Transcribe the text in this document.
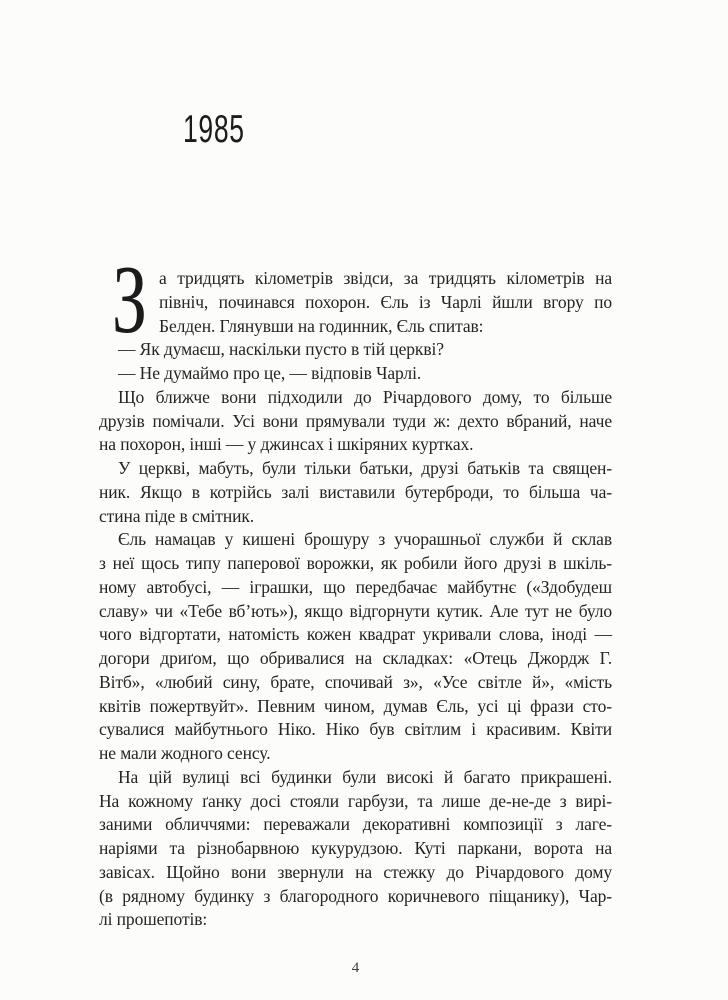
1985
З а тридцять кілометрів звідси, за тридцять кілометрів на
північ, починався похорон. Єль із Чарлі йшли вгору по
Белден. Глянувши на годинник, Єль спитав:
— Як думаєш, наскільки пусто в тій церкві?
— Не думаймо про це, — відповів Чарлі.
Що ближче вони підходили до Річардового дому, то більше
друзів помічали. Усі вони прямували туди ж: дехто вбраний, наче
на похорон, інші — у джинсах і шкіряних куртках.
У церкві, мабуть, були тільки батьки, друзі батьків та священ-
ник. Якщо в котрійсь залі виставили бутерброди, то більша ча-
стина піде в смітник.
Єль намацав у кишені брошуру з учорашньої служби й склав
з неї щось типу паперової ворожки, як робили його друзі в шкіль-
ному автобусі, — іграшки, що передбачає майбутнє («Здобудеш
славу» чи «Тебе вб’ють»), якщо відгорнути кутик. Але тут не було
чого відгортати, натомість кожен квадрат укривали слова, іноді —
догори дриґом, що обривалися на складках: «Отець Джордж Г.
Вітб», «любий сину, брате, спочивай з», «Усе світле й», «мість
квітів пожертвуйт». Певним чином, думав Єль, усі ці фрази сто-
сувалися майбутнього Ніко. Ніко був світлим і красивим. Квіти
не мали жодного сенсу.
На цій вулиці всі будинки були високі й багато прикрашені.
На кожному ґанку досі стояли гарбузи, та лише де-не-де з вирі-
заними обличчями: переважали декоративні композиції з лаге-
наріями та різнобарвною кукурудзою. Куті паркани, ворота на
завісах. Щойно вони звернули на стежку до Річардового дому
(в рядному будинку з благородного коричневого піщанику), Чар-
лі прошепотів:
4
